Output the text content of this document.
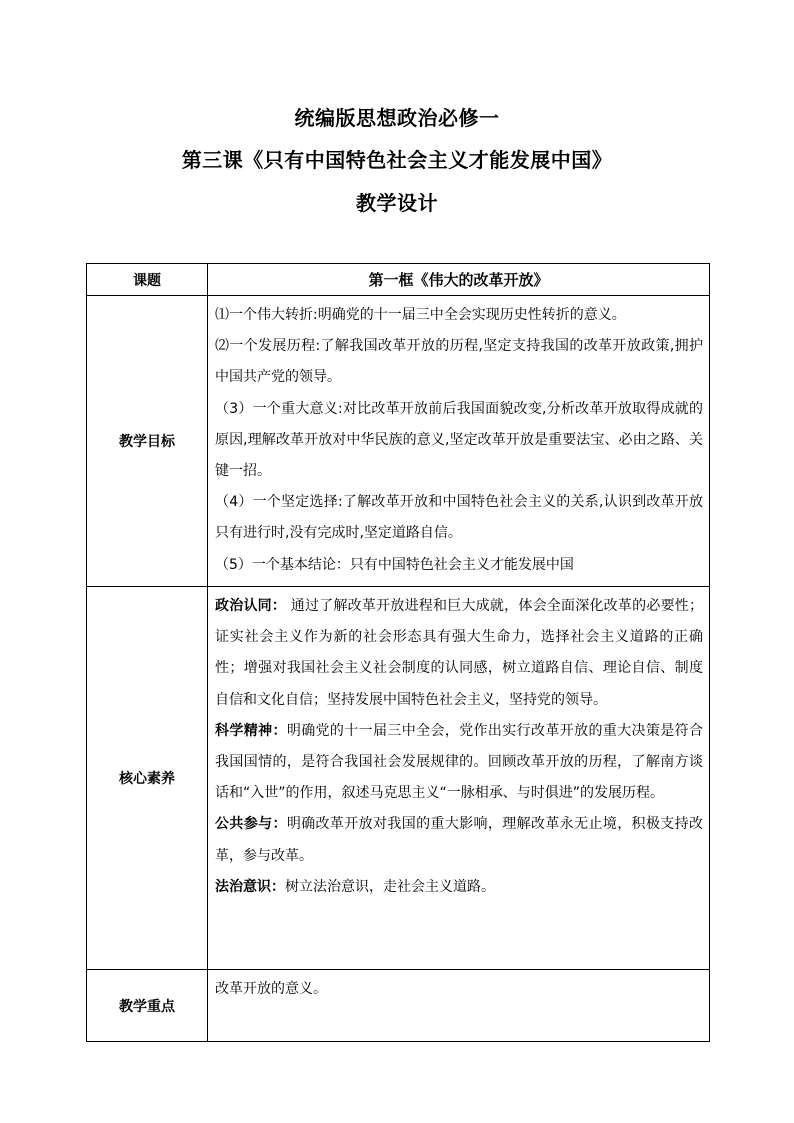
统编版思想政治必修一
第三课《只有中国特色社会主义才能发展中国》
教学设计
课题	第一框《伟大的改革开放》
教学目标	⑴一个伟大转折:明确党的十一届三中全会实现历史性转折的意义。

⑵一个发展历程:了解我国改革开放的历程,坚定支持我国的改革开放政策,拥护中国共产党的领导。

（3）一个重大意义:对比改革开放前后我国面貌改变,分析改革开放取得成就的原因,理解改革开放对中华民族的意义,坚定改革开放是重要法宝、必由之路、关键一招。

（4）一个坚定选择:了解改革开放和中国特色社会主义的关系,认识到改革开放只有进行时,没有完成时,坚定道路自信。

（5）一个基本结论：只有中国特色社会主义才能发展中国

核心素养	政治认同： 通过了解改革开放进程和巨大成就，体会全面深化改革的必要性；证实社会主义作为新的社会形态具有强大生命力，选择社会主义道路的正确性；增强对我国社会主义社会制度的认同感，树立道路自信、理论自信、制度自信和文化自信；坚持发展中国特色社会主义，坚持党的领导。

科学精神：明确党的十一届三中全会，党作出实行改革开放的重大决策是符合我国国情的，是符合我国社会发展规律的。回顾改革开放的历程，了解南方谈话和“入世”的作用，叙述马克思主义“一脉相承、与时俱进”的发展历程。

公共参与：明确改革开放对我国的重大影响，理解改革永无止境，积极支持改革，参与改革。

法治意识：树立法治意识，走社会主义道路。

教学重点	改革开放的意义。
